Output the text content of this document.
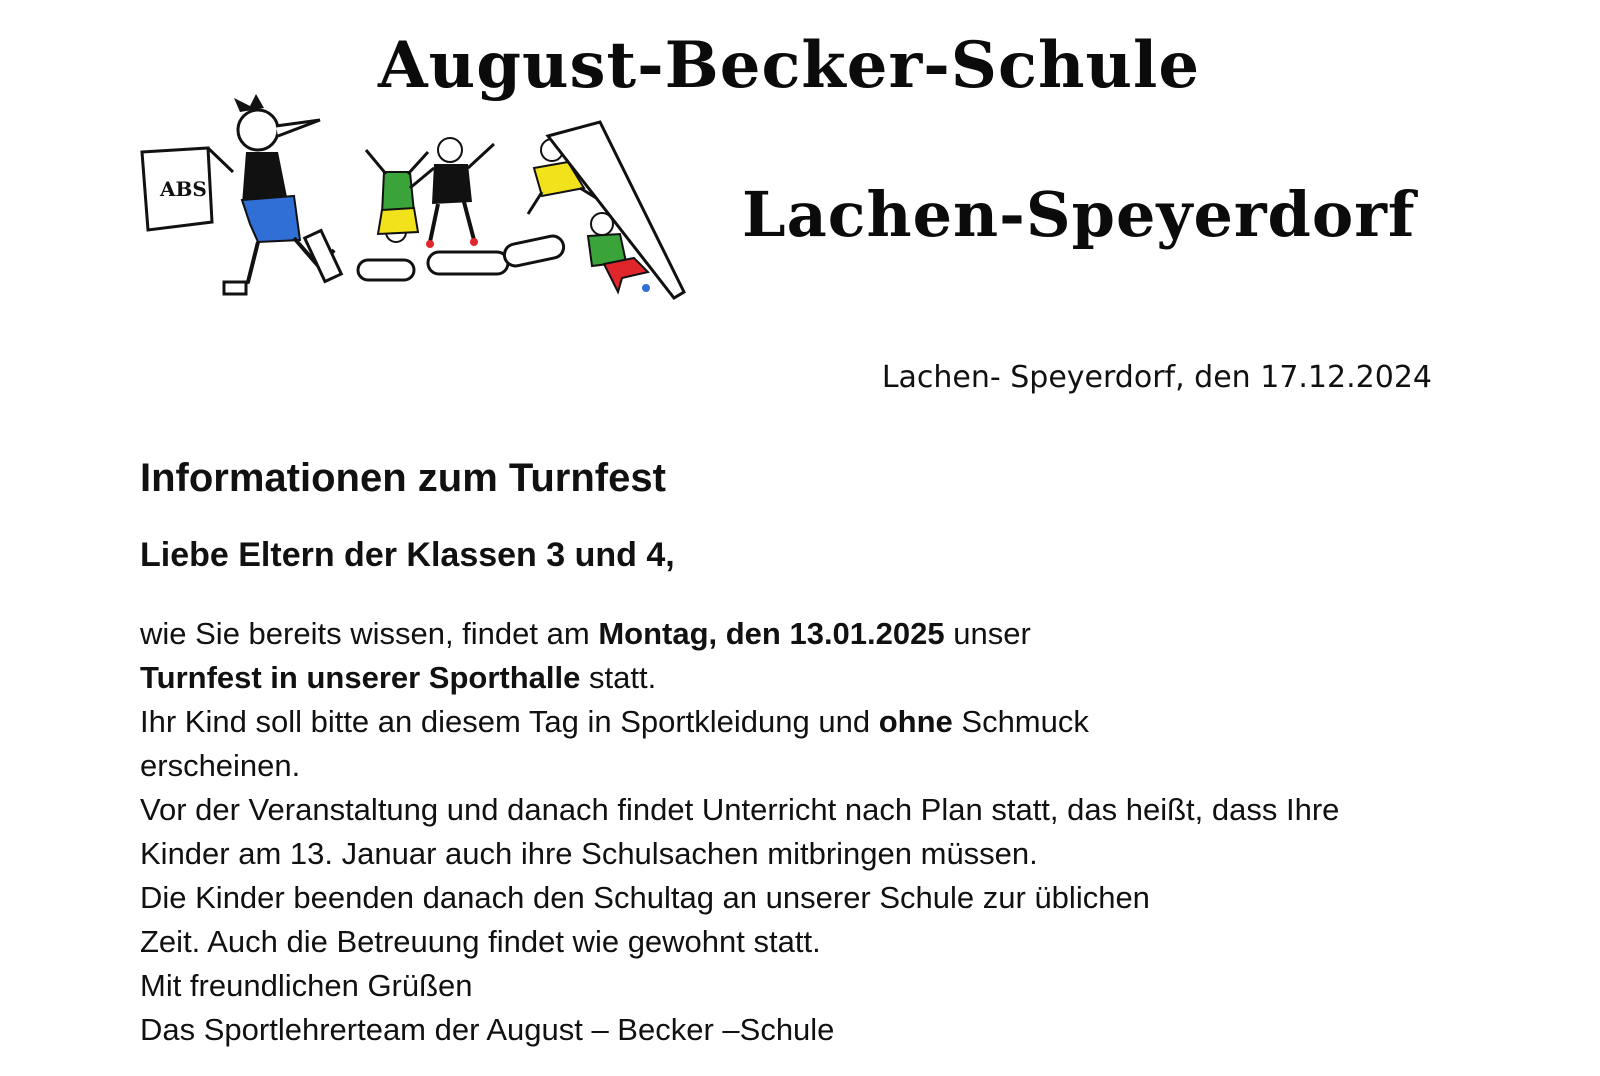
August-Becker-Schule
Lachen-Speyerdorf
ABS
Lachen- Speyerdorf, den 17.12.2024
Informationen zum Turnfest
Liebe Eltern der Klassen 3 und 4,
wie Sie bereits wissen, findet am Montag, den 13.01.2025 unser
Turnfest in unserer Sporthalle statt.
Ihr Kind soll bitte an diesem Tag in Sportkleidung und ohne Schmuck
erscheinen.
Vor der Veranstaltung und danach findet Unterricht nach Plan statt, das heißt, dass Ihre
Kinder am 13. Januar auch ihre Schulsachen mitbringen müssen.
Die Kinder beenden danach den Schultag an unserer Schule zur üblichen
Zeit. Auch die Betreuung findet wie gewohnt statt.
Mit freundlichen Grüßen
Das Sportlehrerteam der August – Becker –Schule
